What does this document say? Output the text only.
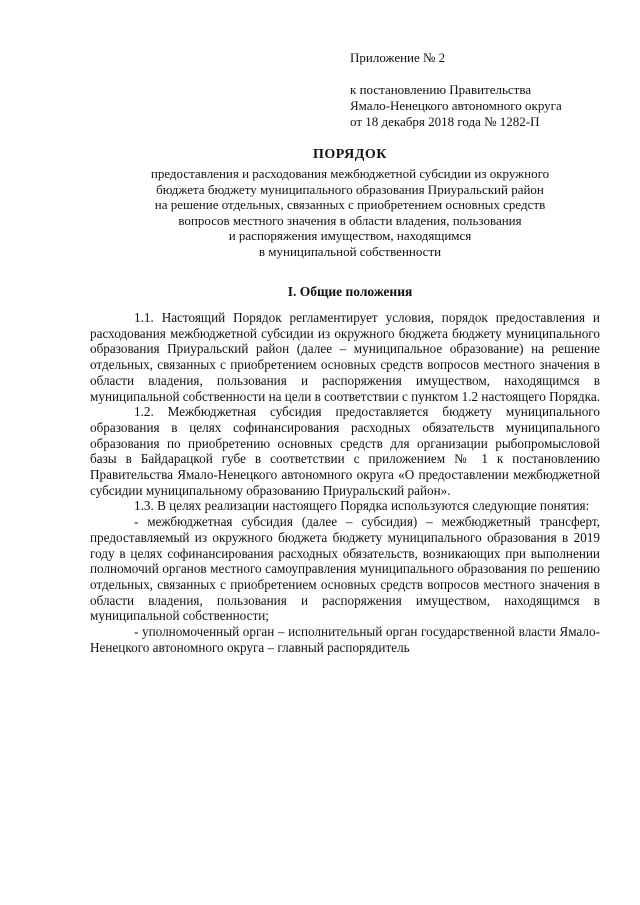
Приложение № 2
к постановлению Правительства
Ямало-Ненецкого автономного округа
от 18 декабря 2018 года № 1282-П
ПОРЯДОК
предоставления и расходования межбюджетной субсидии из окружного
бюджета бюджету муниципального образования Приуральский район
на решение отдельных, связанных с приобретением основных средств
вопросов местного значения в области владения, пользования
и распоряжения имуществом, находящимся
в муниципальной собственности
I. Общие положения

1.1. Настоящий Порядок регламентирует условия, порядок предоставления и расходования межбюджетной субсидии из окружного бюджета бюджету муниципального образования Приуральский район (далее – муниципальное образование) на решение отдельных, связанных с приобретением основных средств вопросов местного значения в области владения, пользования и распоряжения имуществом, находящимся в муниципальной собственности на цели в соответствии с пунктом 1.2 настоящего Порядка.

1.2. Межбюджетная субсидия предоставляется бюджету муниципального образования в целях софинансирования расходных обязательств муниципального образования по приобретению основных средств для организации рыбопромысловой базы в Байдарацкой губе в соответствии с приложением № 1 к постановлению Правительства Ямало-Ненецкого автономного округа «О предоставлении межбюджетной субсидии муниципальному образованию Приуральский район».

1.3. В целях реализации настоящего Порядка используются следующие понятия:

- межбюджетная субсидия (далее – субсидия) – межбюджетный трансферт, предоставляемый из окружного бюджета бюджету муниципального образования в 2019 году в целях софинансирования расходных обязательств, возникающих при выполнении полномочий органов местного самоуправления муниципального образования по решению отдельных, связанных с приобретением основных средств вопросов местного значения в области владения, пользования и распоряжения имуществом, находящимся в муниципальной собственности;

- уполномоченный орган – исполнительный орган государственной власти Ямало-Ненецкого автономного округа – главный распорядитель
